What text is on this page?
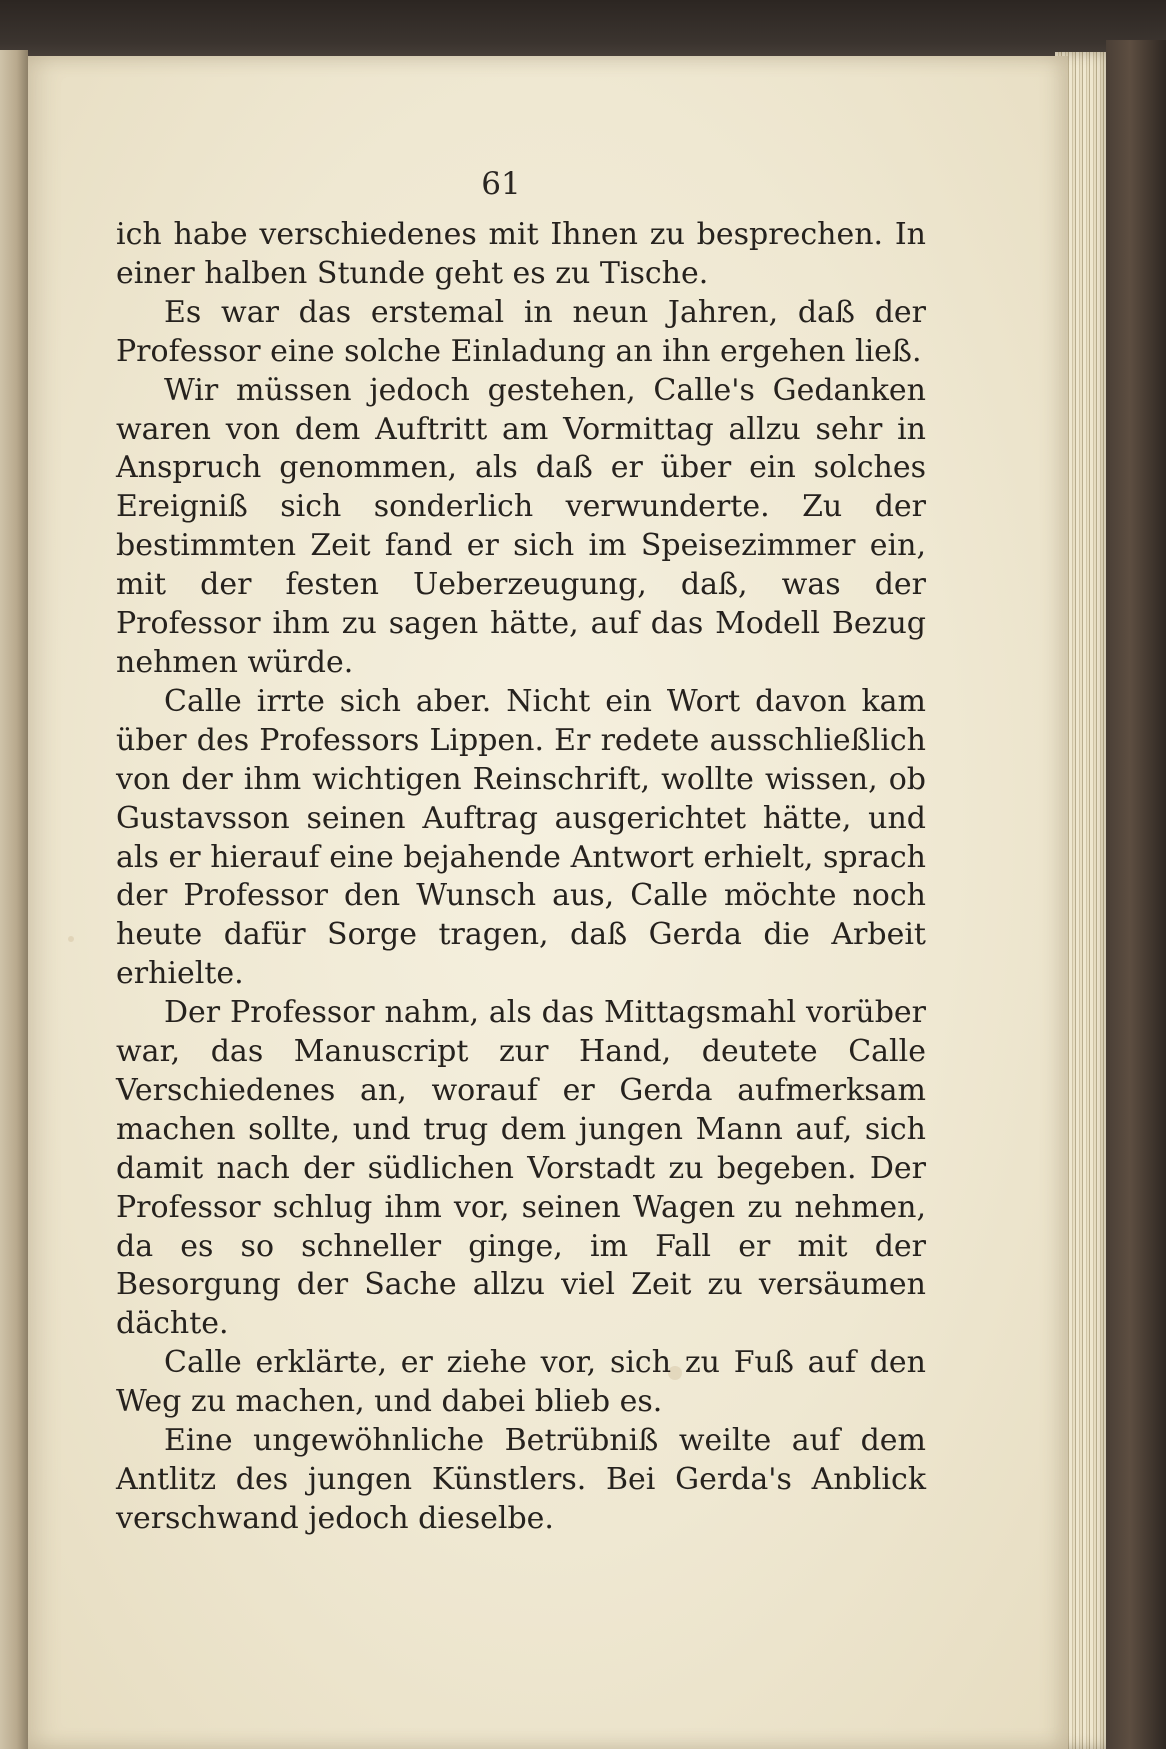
61

ich habe verschiedenes mit Ihnen zu besprechen. In einer halben Stunde geht es zu Tische.

Es war das erstemal in neun Jahren, daß der Professor eine solche Einladung an ihn ergehen ließ.

Wir müssen jedoch gestehen, Calle's Gedanken waren von dem Auftritt am Vormittag allzu sehr in Anspruch genommen, als daß er über ein solches Ereigniß sich sonderlich verwunderte. Zu der bestimmten Zeit fand er sich im Speisezimmer ein, mit der festen Ueberzeugung, daß, was der Professor ihm zu sagen hätte, auf das Modell Bezug nehmen würde.

Calle irrte sich aber. Nicht ein Wort davon kam über des Professors Lippen. Er redete ausschließlich von der ihm wichtigen Reinschrift, wollte wissen, ob Gustavsson seinen Auftrag ausgerichtet hätte, und als er hierauf eine bejahende Antwort erhielt, sprach der Professor den Wunsch aus, Calle möchte noch heute dafür Sorge tragen, daß Gerda die Arbeit erhielte.

Der Professor nahm, als das Mittagsmahl vorüber war, das Manuscript zur Hand, deutete Calle Verschiedenes an, worauf er Gerda aufmerksam machen sollte, und trug dem jungen Mann auf, sich damit nach der südlichen Vorstadt zu begeben. Der Professor schlug ihm vor, seinen Wagen zu nehmen, da es so schneller ginge, im Fall er mit der Besorgung der Sache allzu viel Zeit zu versäumen dächte.

Calle erklärte, er ziehe vor, sich zu Fuß auf den Weg zu machen, und dabei blieb es.

Eine ungewöhnliche Betrübniß weilte auf dem Antlitz des jungen Künstlers. Bei Gerda's Anblick verschwand jedoch dieselbe.
